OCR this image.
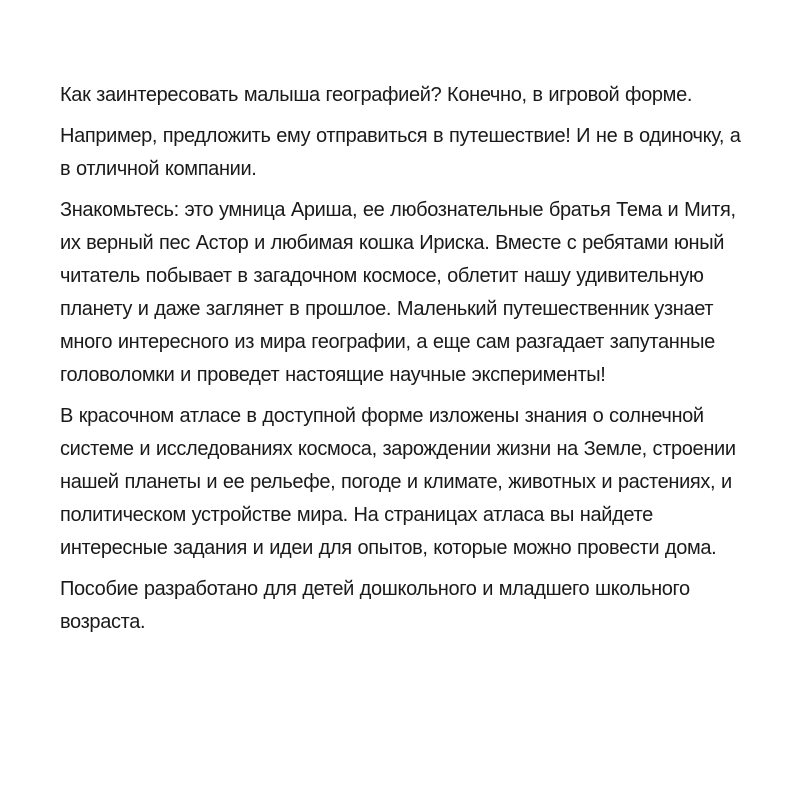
Как заинтересовать малыша географией? Конечно, в игровой форме.

Например, предложить ему отправиться в путешествие! И не в одиночку, а в отличной компании.

Знакомьтесь: это умница Ариша, ее любознательные братья Тема и Митя, их верный пес Астор и любимая кошка Ириска. Вместе с ребятами юный читатель побывает в загадочном космосе, облетит нашу удивительную планету и даже заглянет в прошлое. Маленький путешественник узнает много интересного из мира географии, а еще сам разгадает запутанные головоломки и проведет настоящие научные эксперименты!

В красочном атласе в доступной форме изложены знания о солнечной системе и исследованиях космоса, зарождении жизни на Земле, строении нашей планеты и ее рельефе, погоде и климате, животных и растениях, и политическом устройстве мира. На страницах атласа вы найдете интересные задания и идеи для опытов, которые можно провести дома.

Пособие разработано для детей дошкольного и младшего школьного возраста.
